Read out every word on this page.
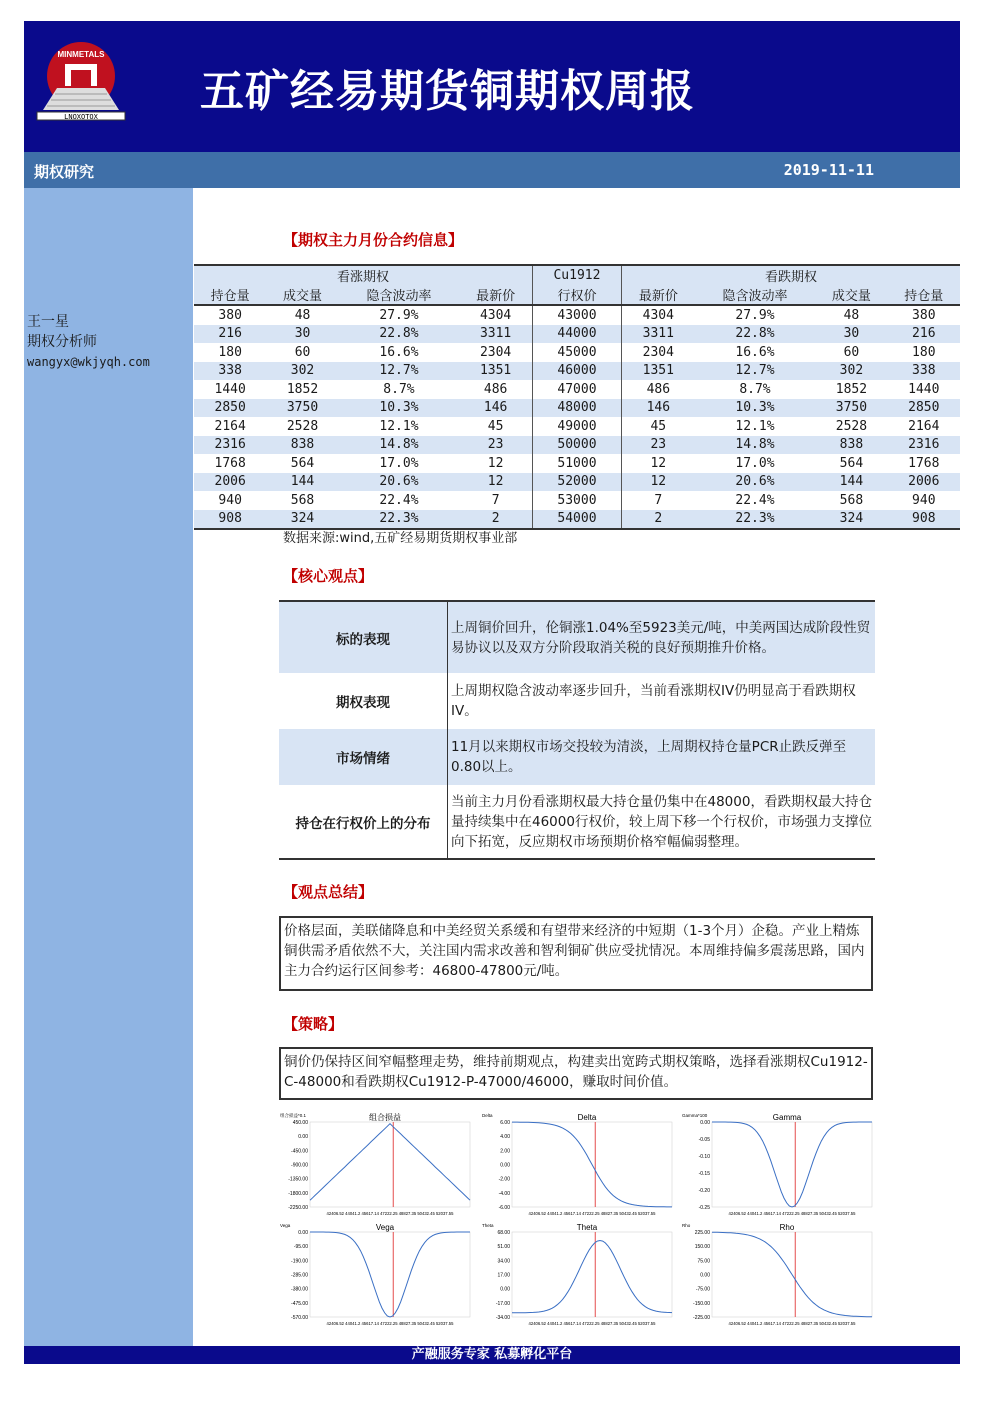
MINMETALS
LNOXOTOX 五矿经易期货铜期权周报
期权研究	2019-11-11
王一星
期权分析师
wangyx@wkjyqh.com
【期权主力月份合约信息】
看涨期权				Cu1912	看跌期权			
持仓量	成交量	隐含波动率	最新价	行权价	最新价	隐含波动率	成交量	持仓量
380	48	27.9%	4304	43000	4304	27.9%	48	380
216	30	22.8%	3311	44000	3311	22.8%	30	216
180	60	16.6%	2304	45000	2304	16.6%	60	180
338	302	12.7%	1351	46000	1351	12.7%	302	338
1440	1852	8.7%	486	47000	486	8.7%	1852	1440
2850	3750	10.3%	146	48000	146	10.3%	3750	2850
2164	2528	12.1%	45	49000	45	12.1%	2528	2164
2316	838	14.8%	23	50000	23	14.8%	838	2316
1768	564	17.0%	12	51000	12	17.0%	564	1768
2006	144	20.6%	12	52000	12	20.6%	144	2006
940	568	22.4%	7	53000	7	22.4%	568	940
908	324	22.3%	2	54000	2	22.3%	324	908
数据来源:wind,五矿经易期货期权事业部
【核心观点】
标的表现	上周铜价回升，伦铜涨1.04%至5923美元/吨，中美两国达成阶段性贸易协议以及双方分阶段取消关税的良好预期推升价格。
期权表现	上周期权隐含波动率逐步回升，当前看涨期权IV仍明显高于看跌期权IV。
市场情绪	11月以来期权市场交投较为清淡，上周期权持仓量PCR止跌反弹至0.80以上。
持仓在行权价上的分布	当前主力月份看涨期权最大持仓量仍集中在48000，看跌期权最大持仓量持续集中在46000行权价，较上周下移一个行权价，市场强力支撑位向下拓宽，反应期权市场预期价格窄幅偏弱整理。
【观点总结】
价格层面，美联储降息和中美经贸关系缓和有望带来经济的中短期（1-3个月）企稳。产业上精炼铜供需矛盾依然不大，关注国内需求改善和智利铜矿供应受扰情况。本周维持偏多震荡思路，国内主力合约运行区间参考：46800-47800元/吨。
【策略】
铜价仍保持区间窄幅整理走势，维持前期观点，构建卖出宽跨式期权策略，选择看涨期权Cu1912-C-48000和看跌期权Cu1912-P-47000/46000，赚取时间价值。
组合损益
组合损益*0.1
450.00
0.00
-450.00
-900.00
-1350.00
-1800.00
-2250.00
42406.52 44041.2 45617.14 47222.25 48827.35 50432.45 52037.55
Delta
Delta
6.00
4.00
2.00
0.00
-2.00
-4.00
-6.00
42406.52 44041.2 45617.14 47222.25 48827.35 50432.45 52037.55
Gamma
Gamma*100
0.00
-0.05
-0.10
-0.15
-0.20
-0.25
42406.52 44041.2 45617.14 47222.25 48827.35 50432.45 52037.55
Vega
Vega
0.00
-95.00
-190.00
-285.00
-380.00
-475.00
-570.00
42406.52 44041.2 45617.14 47222.25 48827.35 50432.45 52037.55
Theta
Theta
68.00
51.00
34.00
17.00
0.00
-17.00
-34.00
42406.52 44041.2 45617.14 47222.25 48827.35 50432.45 52037.55
Rho
Rho
225.00
150.00
75.00
0.00
-75.00
-150.00
-225.00
42406.52 44041.2 45617.14 47222.25 48827.35 50432.45 52037.55
产融服务专家 私募孵化平台
